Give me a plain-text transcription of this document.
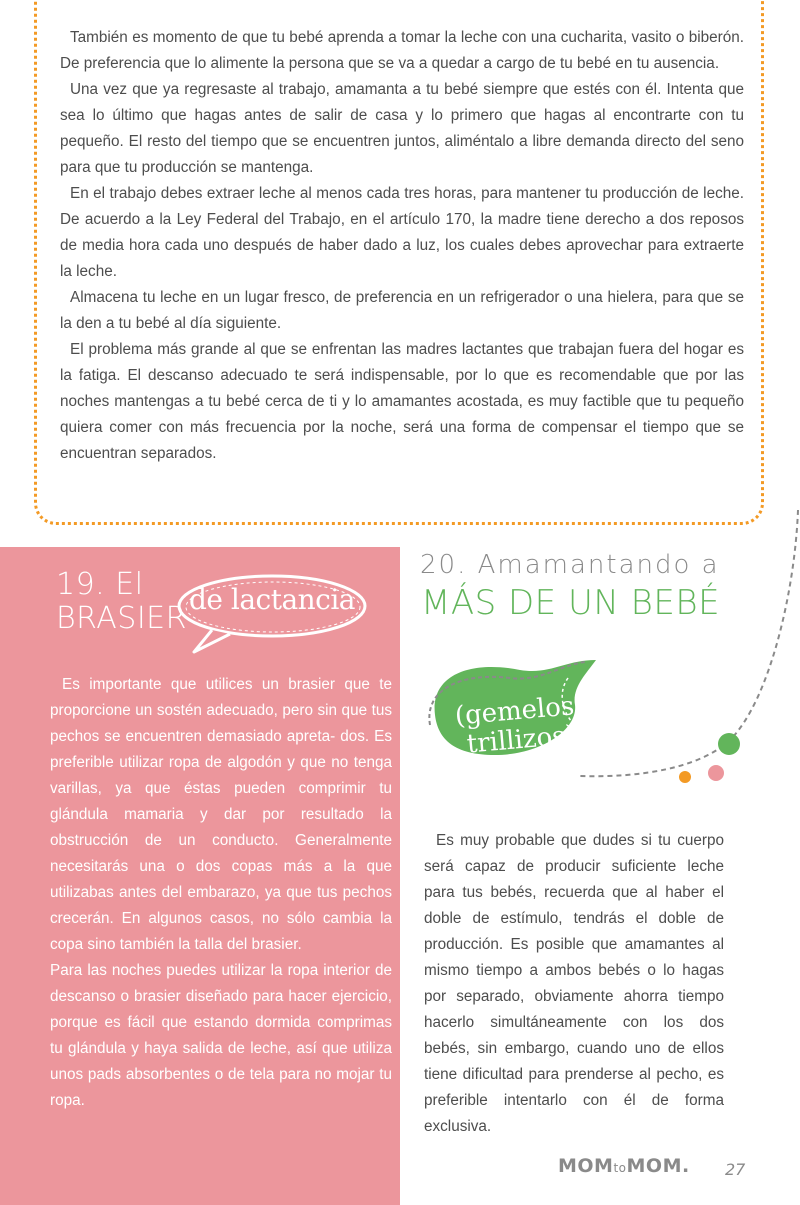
También es momento de que tu bebé aprenda a tomar la leche con una cucharita, vasito o biberón. De preferencia que lo alimente la persona que se va a quedar a cargo de tu bebé en tu ausencia.

Una vez que ya regresaste al trabajo, amamanta a tu bebé siempre que estés con él. Intenta que sea lo último que hagas antes de salir de casa y lo primero que hagas al encontrarte con tu pequeño. El resto del tiempo que se encuentren juntos, aliméntalo a libre demanda directo del seno para que tu producción se mantenga.

En el trabajo debes extraer leche al menos cada tres horas, para mantener tu producción de leche. De acuerdo a la Ley Federal del Trabajo, en el artículo 170, la madre tiene derecho a dos reposos de media hora cada uno después de haber dado a luz, los cuales debes aprovechar para extraerte la leche.

Almacena tu leche en un lugar fresco, de preferencia en un refrigerador o una hielera, para que se la den a tu bebé al día siguiente.

El problema más grande al que se enfrentan las madres lactantes que trabajan fuera del hogar es la fatiga. El descanso adecuado te será indispensable, por lo que es recomendable que por las noches mantengas a tu bebé cerca de ti y lo amamantes acostada, es muy factible que tu pequeño quiera comer con más frecuencia por la noche, será una forma de compensar el tiempo que se encuentran separados.

19. El
BRASIER
de lactancia

Es importante que utilices un brasier que te proporcione un sostén adecuado, pero sin que tus pechos se encuentren demasiado apreta- dos. Es preferible utilizar ropa de algodón y que no tenga varillas, ya que éstas pueden comprimir tu glándula mamaria y dar por resultado la obstrucción de un conducto. Generalmente necesitarás una o dos copas más a la que utilizabas antes del embarazo, ya que tus pechos crecerán. En algunos casos, no sólo cambia la copa sino también la talla del brasier.

Para las noches puedes utilizar la ropa interior de descanso o brasier diseñado para hacer ejercicio, porque es fácil que estando dormida comprimas tu glándula y haya salida de leche, así que utiliza unos pads absorbentes o de tela para no mojar tu ropa.

20. Amamantando a
MÁS DE UN BEBÉ
(gemelos,
trillizos)

Es muy probable que dudes si tu cuerpo será capaz de producir suficiente leche para tus bebés, recuerda que al haber el doble de estímulo, tendrás el doble de producción. Es posible que amamantes al mismo tiempo a ambos bebés o lo hagas por separado, obviamente ahorra tiempo hacerlo simultáneamente con los dos bebés, sin embargo, cuando uno de ellos tiene dificultad para prenderse al pecho, es preferible intentarlo con él de forma exclusiva.

MOMtoMOM. 27
